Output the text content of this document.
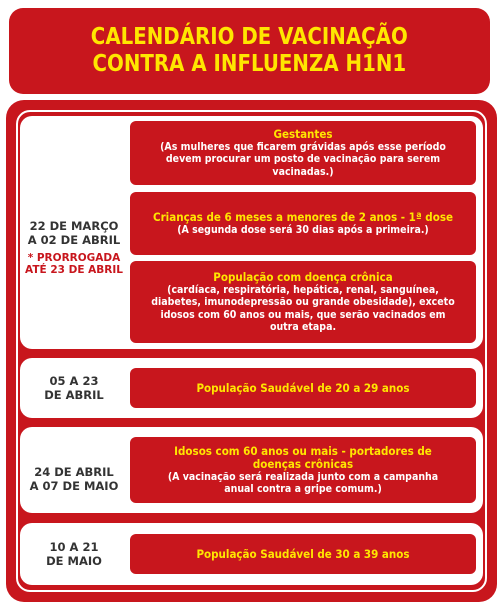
CALENDÁRIO DE VACINAÇÃO
CONTRA A INFLUENZA H1N1
22 DE MARÇO
A 02 DE ABRIL
* PRORROGADA
ATÉ 23 DE ABRIL
Gestantes
(As mulheres que ficarem grávidas após esse período
devem procurar um posto de vacinação para serem
vacinadas.)
Crianças de 6 meses a menores de 2 anos - 1ª dose
(A segunda dose será 30 dias após a primeira.)
População com doença crônica
(cardíaca, respiratória, hepática, renal, sanguínea,
diabetes, imunodepressão ou grande obesidade), exceto
idosos com 60 anos ou mais, que serão vacinados em
outra etapa.
05 A 23
DE ABRIL
População Saudável de 20 a 29 anos
24 DE ABRIL
A 07 DE MAIO
Idosos com 60 anos ou mais - portadores de
doenças crônicas
(A vacinação será realizada junto com a campanha
anual contra a gripe comum.)
10 A 21
DE MAIO
População Saudável de 30 a 39 anos
